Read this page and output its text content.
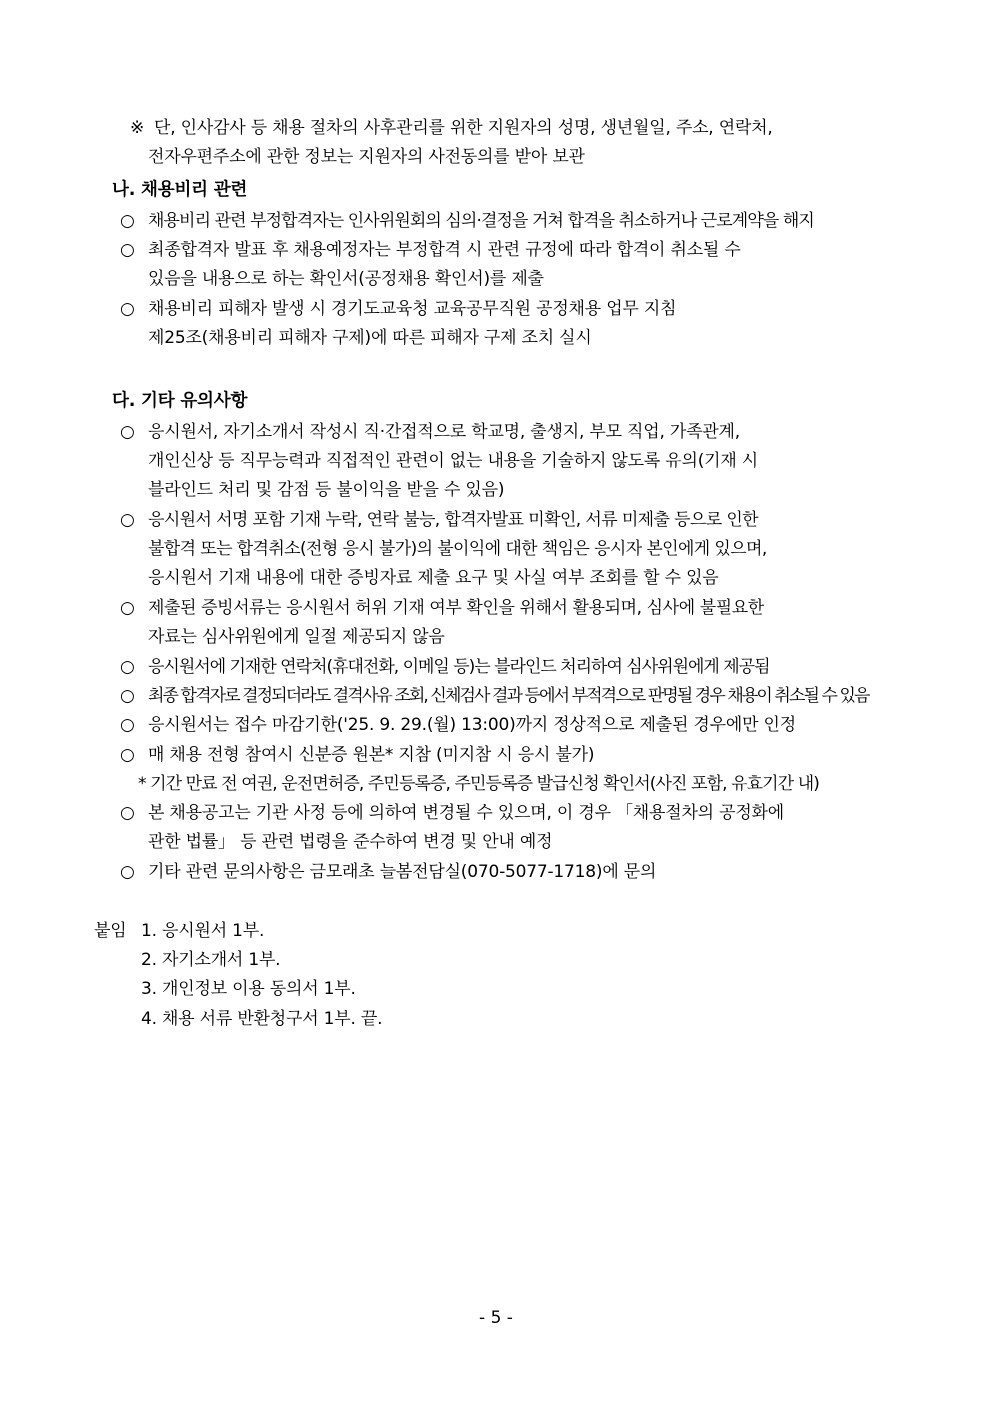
※ 단, 인사감사 등 채용 절차의 사후관리를 위한 지원자의 성명, 생년월일, 주소, 연락처,
전자우편주소에 관한 정보는 지원자의 사전동의를 받아 보관
나. 채용비리 관련
○ 채용비리 관련 부정합격자는 인사위원회의 심의·결정을 거쳐 합격을 취소하거나 근로계약을 해지
○ 최종합격자 발표 후 채용예정자는 부정합격 시 관련 규정에 따라 합격이 취소될 수
있음을 내용으로 하는 확인서(공정채용 확인서)를 제출
○ 채용비리 피해자 발생 시 경기도교육청 교육공무직원 공정채용 업무 지침
제25조(채용비리 피해자 구제)에 따른 피해자 구제 조치 실시
다. 기타 유의사항
○ 응시원서, 자기소개서 작성시 직·간접적으로 학교명, 출생지, 부모 직업, 가족관계,
개인신상 등 직무능력과 직접적인 관련이 없는 내용을 기술하지 않도록 유의(기재 시
블라인드 처리 및 감점 등 불이익을 받을 수 있음)
○ 응시원서 서명 포함 기재 누락, 연락 불능, 합격자발표 미확인, 서류 미제출 등으로 인한
불합격 또는 합격취소(전형 응시 불가)의 불이익에 대한 책임은 응시자 본인에게 있으며,
응시원서 기재 내용에 대한 증빙자료 제출 요구 및 사실 여부 조회를 할 수 있음
○ 제출된 증빙서류는 응시원서 허위 기재 여부 확인을 위해서 활용되며, 심사에 불필요한
자료는 심사위원에게 일절 제공되지 않음
○ 응시원서에 기재한 연락처(휴대전화, 이메일 등)는 블라인드 처리하여 심사위원에게 제공됨
○ 최종 합격자로 결정되더라도 결격사유 조회, 신체검사 결과 등에서 부적격으로 판명될 경우 채용이 취소될 수 있음
○ 응시원서는 접수 마감기한('25. 9. 29.(월) 13:00)까지 정상적으로 제출된 경우에만 인정
○ 매 채용 전형 참여시 신분증 원본* 지참 (미지참 시 응시 불가)
* 기간 만료 전 여권, 운전면허증, 주민등록증, 주민등록증 발급신청 확인서(사진 포함, 유효기간 내)
○ 본 채용공고는 기관 사정 등에 의하여 변경될 수 있으며, 이 경우 「채용절차의 공정화에
관한 법률」 등 관련 법령을 준수하여 변경 및 안내 예정
○ 기타 관련 문의사항은 금모래초 늘봄전담실(070-5077-1718)에 문의
붙임 1. 응시원서 1부.
2. 자기소개서 1부.
3. 개인정보 이용 동의서 1부.
4. 채용 서류 반환청구서 1부. 끝.
- 5 -
